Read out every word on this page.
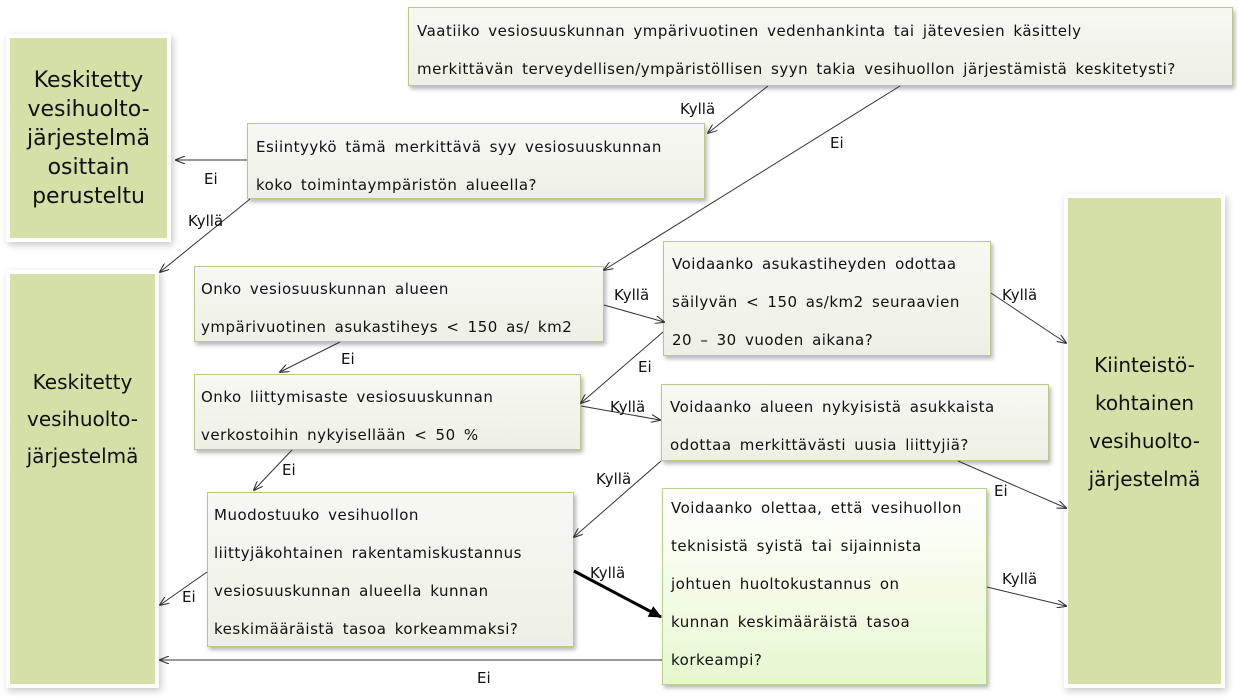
Keskitetty
vesihuolto-
järjestelmä
osittain
perusteltu
Keskitetty
vesihuolto-
järjestelmä
Kiinteistö-
kohtainen
vesihuolto-
järjestelmä
Vaatiiko vesiosuuskunnan ympärivuotinen vedenhankinta tai jätevesien käsittely
merkittävän terveydellisen/ympäristöllisen syyn takia vesihuollon järjestämistä keskitetysti?
Esiintyykö tämä merkittävä syy vesiosuuskunnan
koko toimintaympäristön alueella?
Onko vesiosuuskunnan alueen
ympärivuotinen asukastiheys < 150 as/ km2
Voidaanko asukastiheyden odottaa
säilyvän < 150 as/km2 seuraavien
20 – 30 vuoden aikana?
Onko liittymisaste vesiosuuskunnan
verkostoihin nykyisellään < 50 %
Voidaanko alueen nykyisistä asukkaista
odottaa merkittävästi uusia liittyjiä?
Muodostuuko vesihuollon
liittyjäkohtainen rakentamiskustannus
vesiosuuskunnan alueella kunnan
keskimääräistä tasoa korkeammaksi?
Voidaanko olettaa, että vesihuollon
teknisistä syistä tai sijainnista
johtuen huoltokustannus on
kunnan keskimääräistä tasoa
korkeampi?
Kyllä
Ei
Ei
Kyllä
Kyllä
Kyllä
Ei	Ei
Kyllä
Ei	Kyllä
Ei
Ei
Kyllä	Kyllä
Ei
